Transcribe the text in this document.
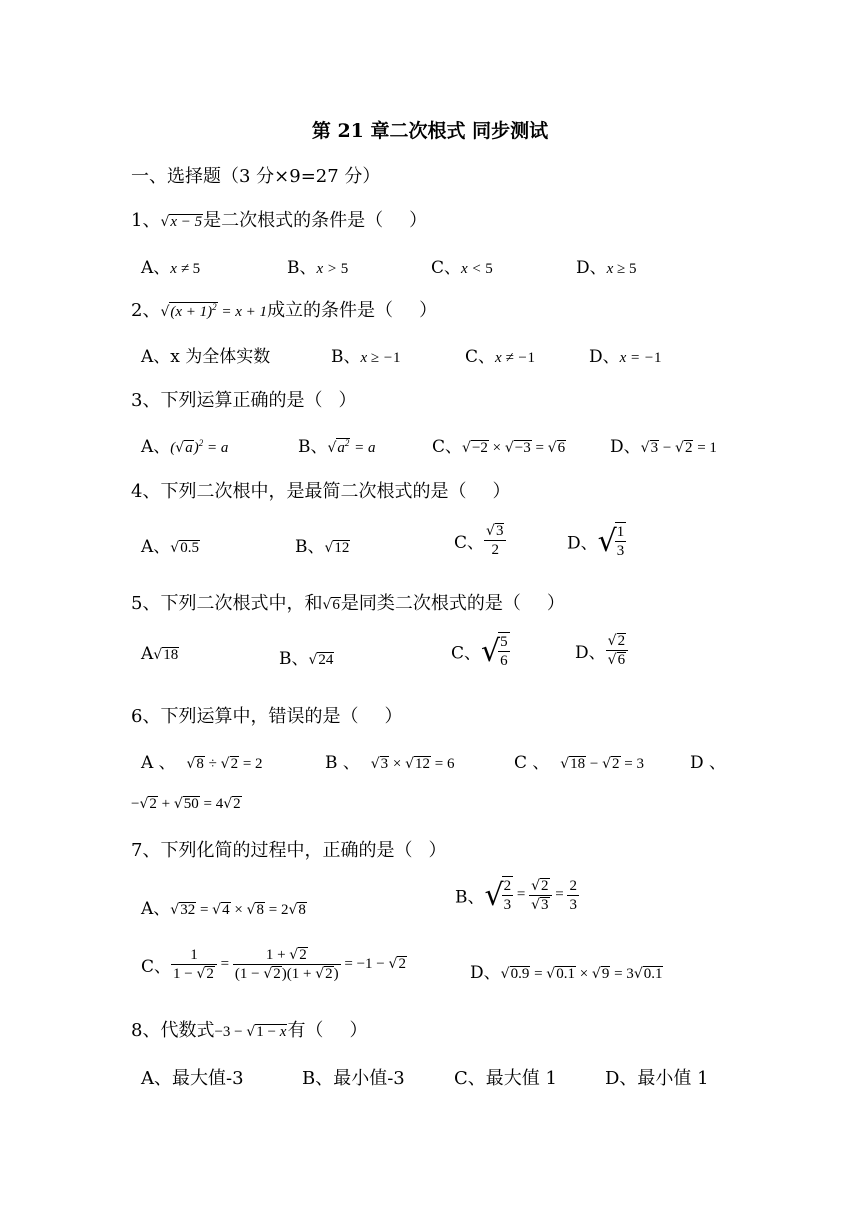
第 21 章二次根式 同步测试
一、选择题（3 分×9=27 分）
1、√x − 5是二次根式的条件是（ ）
A、x ≠ 5	B、x > 5	C、x < 5	D、x ≥ 5
2、$√(x + 1)^2 = x + 1$成立的条件是（ ）
A、x 为全体实数	B、x ≥ −1	C、x ≠ −1	D、x = −1
3、下列运算正确的是（ ）
A、$(√a)^2 = a$	B、$√a^2 = a$	C、√−2 × √−3 = √6	D、√3 − √2 = 1
4、下列二次根中，是最简二次根式的是（ ）
A、√0.5	B、√12	C、 $\frac{√3}{2}$	D、√
$\frac{1}{3}$
5、下列二次根式中，和√6是同类二次根式的是（ ）
A√18	B、√24	C、√
$\frac{5}{6}$	D、 $\frac{√2}{√6}$
6、下列运算中，错误的是（ ）
A 、 √8 ÷ √2 = 2	B 、 √3 × √12 = 6	C 、 √18 − √2 = 3	D 、
−√2 + √50 = 4√2
7、下列化简的过程中，正确的是（ ）
A、√32 = √4 × √8 = 2√8
B、√
$\frac{2}{3} = \frac{√2}{√3} = \frac{2}{3}$
C、 $\frac{1}{1 - √2} = \frac{1 + √2}{(1 - √2)(1 + √2)} = -1 - √2$	D、√0.9 = √0.1 × √9 = 3√0.1
8、代数式−3 − √1 − x有（ ）
A、最大值-3	B、最小值-3	C、最大值 1	D、最小值 1
